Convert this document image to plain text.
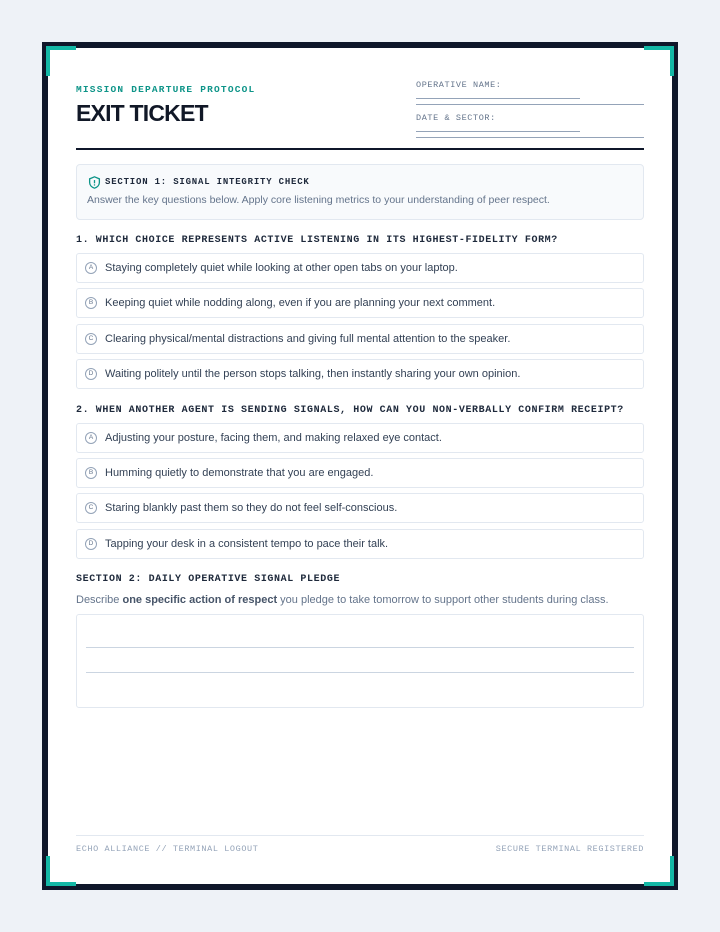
MISSION DEPARTURE PROTOCOL
EXIT TICKET
OPERATIVE NAME:
DATE & SECTOR:
SECTION 1: SIGNAL INTEGRITY CHECK
Answer the key questions below. Apply core listening metrics to your understanding of peer respect.
1. WHICH CHOICE REPRESENTS ACTIVE LISTENING IN ITS HIGHEST-FIDELITY FORM?
A	Staying completely quiet while looking at other open tabs on your laptop.
B	Keeping quiet while nodding along, even if you are planning your next comment.
C	Clearing physical/mental distractions and giving full mental attention to the speaker.
D	Waiting politely until the person stops talking, then instantly sharing your own opinion.
2. WHEN ANOTHER AGENT IS SENDING SIGNALS, HOW CAN YOU NON-VERBALLY CONFIRM RECEIPT?
A	Adjusting your posture, facing them, and making relaxed eye contact.
B	Humming quietly to demonstrate that you are engaged.
C	Staring blankly past them so they do not feel self-conscious.
D	Tapping your desk in a consistent tempo to pace their talk.
SECTION 2: DAILY OPERATIVE SIGNAL PLEDGE
Describe one specific action of respect you pledge to take tomorrow to support other students during class.
ECHO ALLIANCE // TERMINAL LOGOUT	SECURE TERMINAL REGISTERED
